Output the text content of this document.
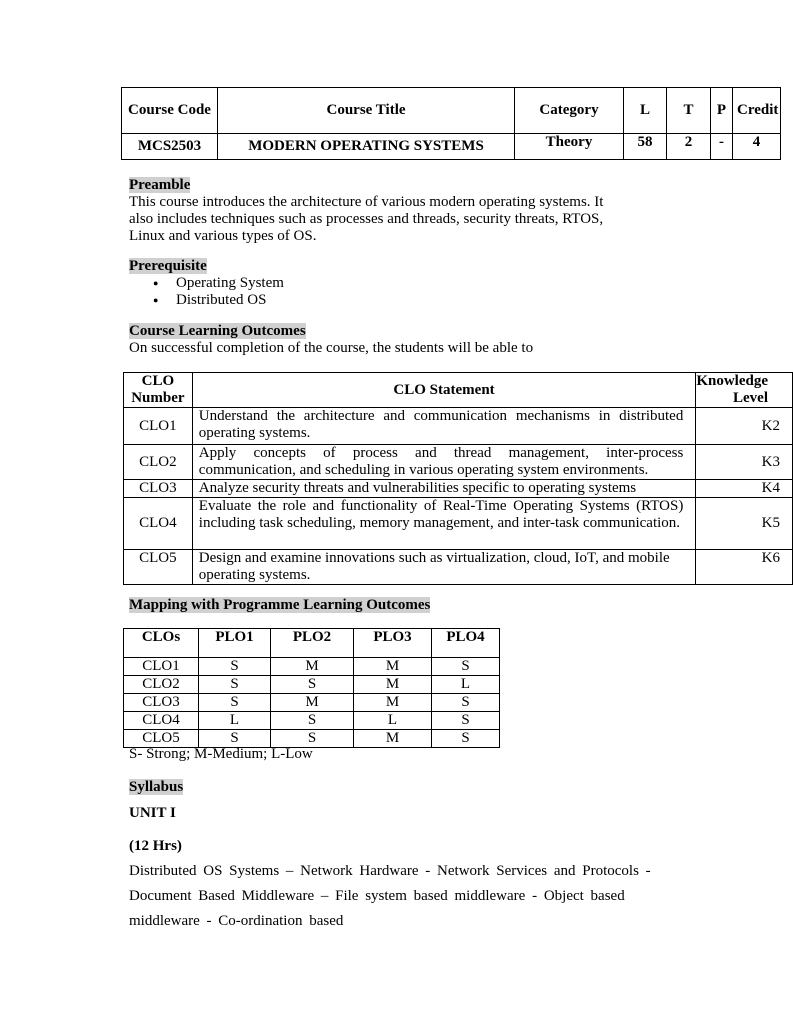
Course Code	Course Title	Category	L	T	P	Credit
MCS2503	MODERN OPERATING SYSTEMS	Theory	58	2	-	4
Preamble
This course introduces the architecture of various modern operating systems. It also includes techniques such as processes and threads, security threats, RTOS, Linux and various types of OS.
Prerequisite
● Operating System
● Distributed OS
Course Learning Outcomes
On successful completion of the course, the students will be able to
CLO Number	CLO Statement	Knowledge Level
CLO1	Understand the architecture and communication mechanisms in distributed operating systems.	K2
CLO2	Apply concepts of process and thread management, inter-process communication, and scheduling in various operating system environments.	K3
CLO3	Analyze security threats and vulnerabilities specific to operating systems	K4
CLO4	Evaluate the role and functionality of Real-Time Operating Systems (RTOS) including task scheduling, memory management, and inter-task communication.	K5
CLO5	Design and examine innovations such as virtualization, cloud, IoT, and mobile operating systems.	K6
Mapping with Programme Learning Outcomes
CLOs	PLO1	PLO2	PLO3	PLO4
CLO1	S	M	M	S
CLO2	S	S	M	L
CLO3	S	M	M	S
CLO4	L	S	L	S
CLO5	S	S	M	S
S- Strong; M-Medium; L-Low
Syllabus
UNIT I
(12 Hrs)
Distributed OS Systems – Network Hardware - Network Services and Protocols -
Document Based Middleware – File system based middleware - Object based
middleware - Co-ordination based
